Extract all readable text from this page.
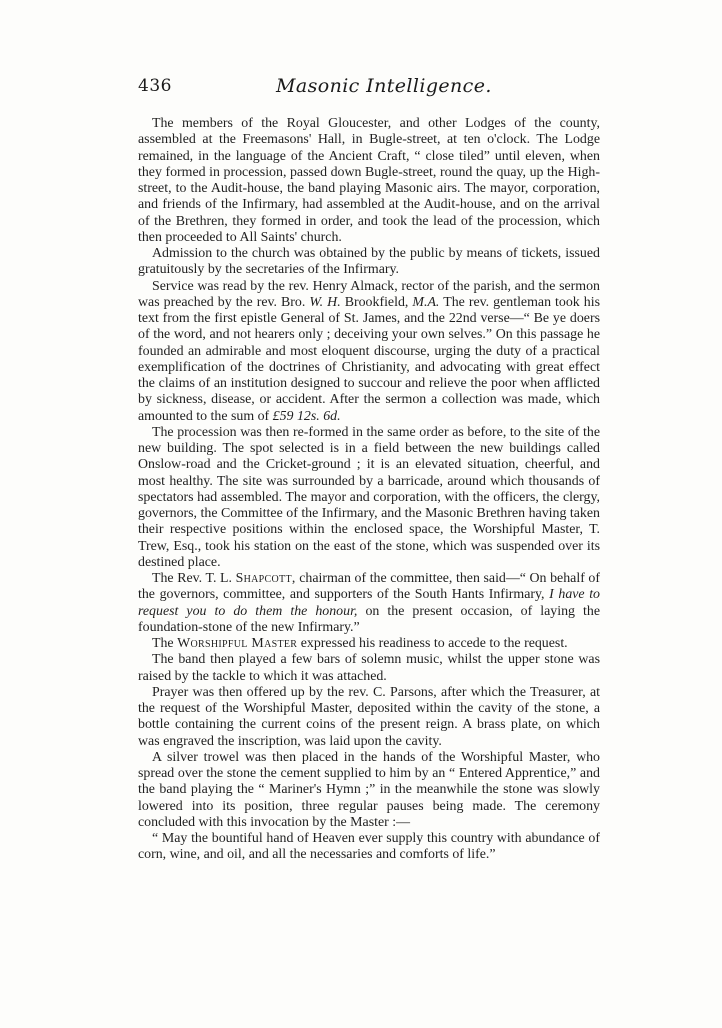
436	Masonic Intelligence.

The members of the Royal Gloucester, and other Lodges of the county, assembled at the Freemasons' Hall, in Bugle-street, at ten o'clock. The Lodge remained, in the language of the Ancient Craft, “ close tiled” until eleven, when they formed in procession, passed down Bugle-street, round the quay, up the High-street, to the Audit-house, the band playing Masonic airs. The mayor, corporation, and friends of the Infirmary, had assembled at the Audit-house, and on the arrival of the Brethren, they formed in order, and took the lead of the procession, which then proceeded to All Saints' church.

Admission to the church was obtained by the public by means of tickets, issued gratuitously by the secretaries of the Infirmary.

Service was read by the rev. Henry Almack, rector of the parish, and the sermon was preached by the rev. Bro. W. H. Brookfield, M.A. The rev. gentleman took his text from the first epistle General of St. James, and the 22nd verse—“ Be ye doers of the word, and not hearers only ; deceiving your own selves.” On this passage he founded an admirable and most eloquent discourse, urging the duty of a practical exemplification of the doctrines of Christianity, and advocating with great effect the claims of an institution designed to succour and relieve the poor when afflicted by sickness, disease, or accident. After the sermon a collection was made, which amounted to the sum of £59 12s. 6d.

The procession was then re-formed in the same order as before, to the site of the new building. The spot selected is in a field between the new buildings called Onslow-road and the Cricket-ground ; it is an elevated situation, cheerful, and most healthy. The site was surrounded by a barricade, around which thousands of spectators had assembled. The mayor and corporation, with the officers, the clergy, governors, the Committee of the Infirmary, and the Masonic Brethren having taken their respective positions within the enclosed space, the Worshipful Master, T. Trew, Esq., took his station on the east of the stone, which was suspended over its destined place.

The Rev. T. L. Shapcott, chairman of the committee, then said—“ On behalf of the governors, committee, and supporters of the South Hants Infirmary, I have to request you to do them the honour, on the present occasion, of laying the foundation-stone of the new Infirmary.”

The Worshipful Master expressed his readiness to accede to the request.

The band then played a few bars of solemn music, whilst the upper stone was raised by the tackle to which it was attached.

Prayer was then offered up by the rev. C. Parsons, after which the Treasurer, at the request of the Worshipful Master, deposited within the cavity of the stone, a bottle containing the current coins of the present reign. A brass plate, on which was engraved the inscription, was laid upon the cavity.

A silver trowel was then placed in the hands of the Worshipful Master, who spread over the stone the cement supplied to him by an “ Entered Apprentice,” and the band playing the “ Mariner's Hymn ;” in the meanwhile the stone was slowly lowered into its position, three regular pauses being made. The ceremony concluded with this invocation by the Master :—

“ May the bountiful hand of Heaven ever supply this country with abundance of corn, wine, and oil, and all the necessaries and comforts of life.”
